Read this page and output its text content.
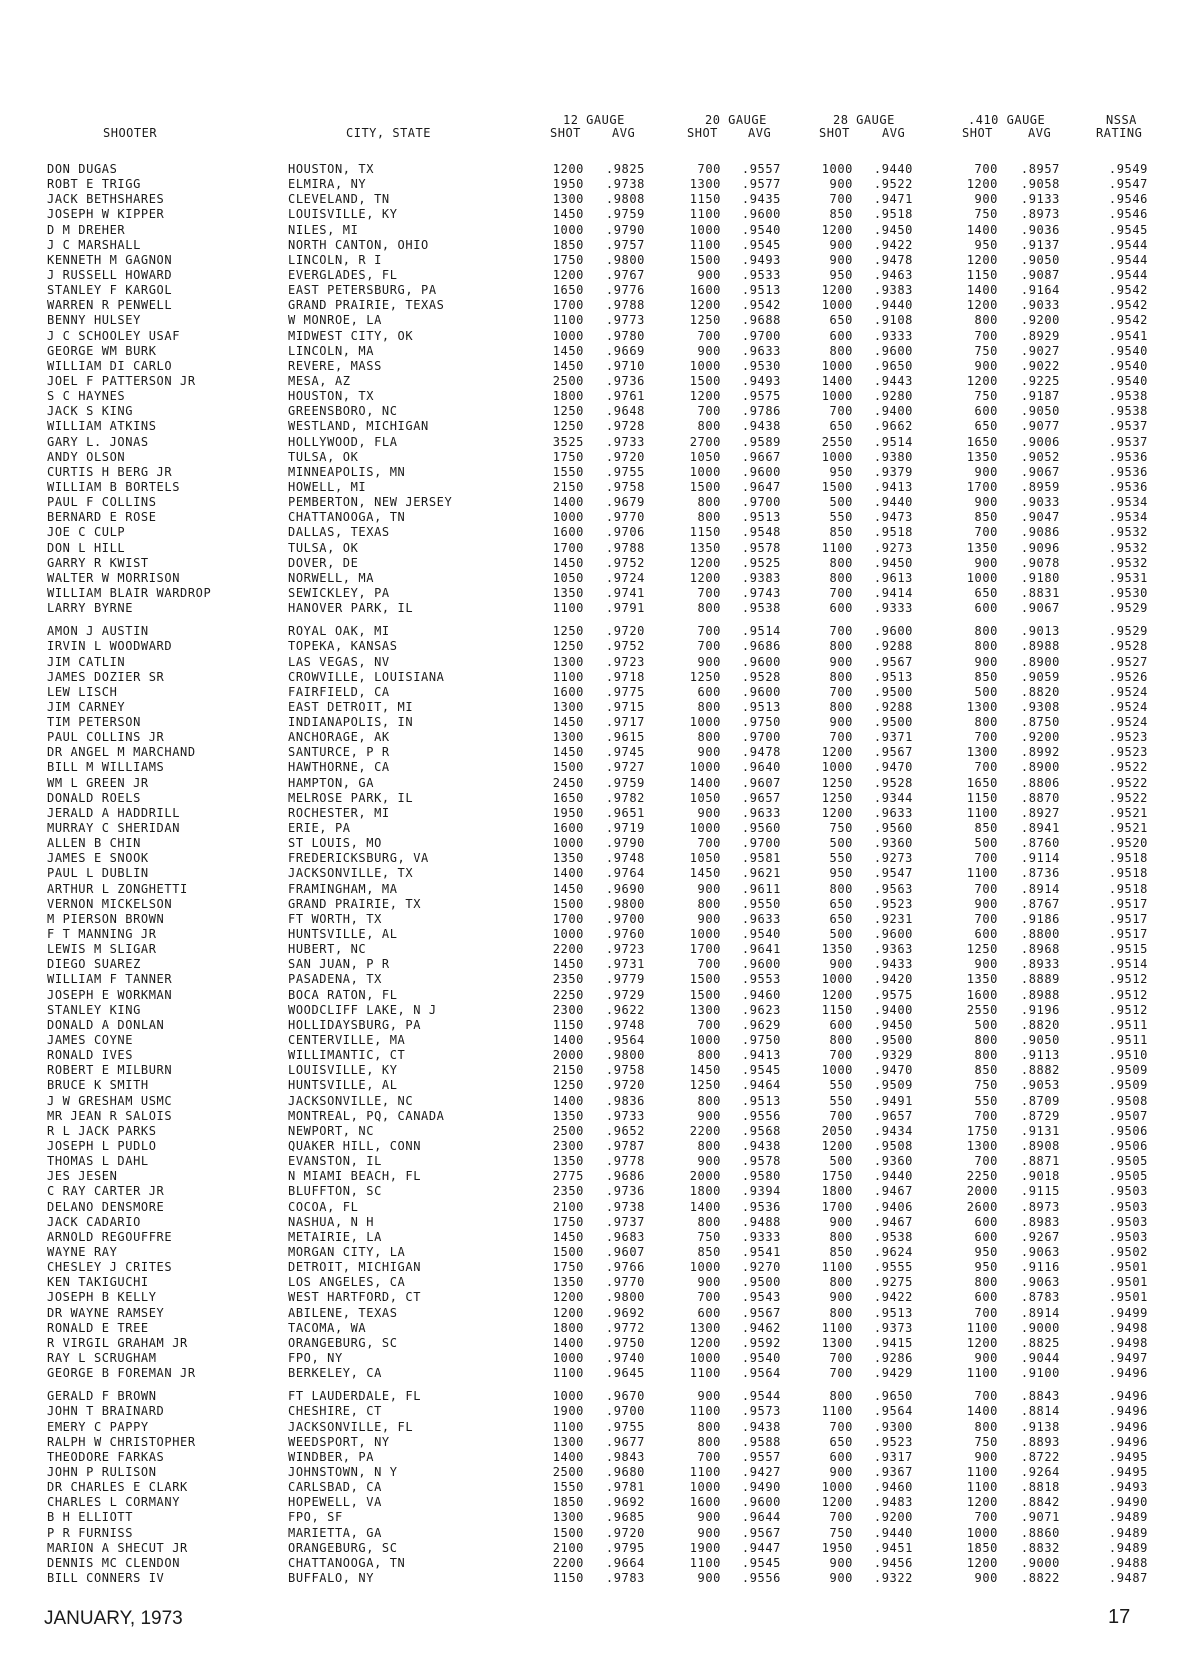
SHOOTER	CITY, STATE
12 GAUGE
SHOT	AVG
20 GAUGE
SHOT	AVG
28 GAUGE
SHOT	AVG
.410 GAUGE
SHOT	AVG
NSSA
RATING
DON DUGAS	HOUSTON, TX	1200	.9825	700	.9557	1000	.9440	700	.8957	.9549
ROBT E TRIGG	ELMIRA, NY	1950	.9738	1300	.9577	900	.9522	1200	.9058	.9547
JACK BETHSHARES	CLEVELAND, TN	1300	.9808	1150	.9435	700	.9471	900	.9133	.9546
JOSEPH W KIPPER	LOUISVILLE, KY	1450	.9759	1100	.9600	850	.9518	750	.8973	.9546
D M DREHER	NILES, MI	1000	.9790	1000	.9540	1200	.9450	1400	.9036	.9545
J C MARSHALL	NORTH CANTON, OHIO	1850	.9757	1100	.9545	900	.9422	950	.9137	.9544
KENNETH M GAGNON	LINCOLN, R I	1750	.9800	1500	.9493	900	.9478	1200	.9050	.9544
J RUSSELL HOWARD	EVERGLADES, FL	1200	.9767	900	.9533	950	.9463	1150	.9087	.9544
STANLEY F KARGOL	EAST PETERSBURG, PA	1650	.9776	1600	.9513	1200	.9383	1400	.9164	.9542
WARREN R PENWELL	GRAND PRAIRIE, TEXAS	1700	.9788	1200	.9542	1000	.9440	1200	.9033	.9542
BENNY HULSEY	W MONROE, LA	1100	.9773	1250	.9688	650	.9108	800	.9200	.9542
J C SCHOOLEY USAF	MIDWEST CITY, OK	1000	.9780	700	.9700	600	.9333	700	.8929	.9541
GEORGE WM BURK	LINCOLN, MA	1450	.9669	900	.9633	800	.9600	750	.9027	.9540
WILLIAM DI CARLO	REVERE, MASS	1450	.9710	1000	.9530	1000	.9650	900	.9022	.9540
JOEL F PATTERSON JR	MESA, AZ	2500	.9736	1500	.9493	1400	.9443	1200	.9225	.9540
S C HAYNES	HOUSTON, TX	1800	.9761	1200	.9575	1000	.9280	750	.9187	.9538
JACK S KING	GREENSBORO, NC	1250	.9648	700	.9786	700	.9400	600	.9050	.9538
WILLIAM ATKINS	WESTLAND, MICHIGAN	1250	.9728	800	.9438	650	.9662	650	.9077	.9537
GARY L. JONAS	HOLLYWOOD, FLA	3525	.9733	2700	.9589	2550	.9514	1650	.9006	.9537
ANDY OLSON	TULSA, OK	1750	.9720	1050	.9667	1000	.9380	1350	.9052	.9536
CURTIS H BERG JR	MINNEAPOLIS, MN	1550	.9755	1000	.9600	950	.9379	900	.9067	.9536
WILLIAM B BORTELS	HOWELL, MI	2150	.9758	1500	.9647	1500	.9413	1700	.8959	.9536
PAUL F COLLINS	PEMBERTON, NEW JERSEY	1400	.9679	800	.9700	500	.9440	900	.9033	.9534
BERNARD E ROSE	CHATTANOOGA, TN	1000	.9770	800	.9513	550	.9473	850	.9047	.9534
JOE C CULP	DALLAS, TEXAS	1600	.9706	1150	.9548	850	.9518	700	.9086	.9532
DON L HILL	TULSA, OK	1700	.9788	1350	.9578	1100	.9273	1350	.9096	.9532
GARRY R KWIST	DOVER, DE	1450	.9752	1200	.9525	800	.9450	900	.9078	.9532
WALTER W MORRISON	NORWELL, MA	1050	.9724	1200	.9383	800	.9613	1000	.9180	.9531
WILLIAM BLAIR WARDROP	SEWICKLEY, PA	1350	.9741	700	.9743	700	.9414	650	.8831	.9530
LARRY BYRNE	HANOVER PARK, IL	1100	.9791	800	.9538	600	.9333	600	.9067	.9529
AMON J AUSTIN	ROYAL OAK, MI	1250	.9720	700	.9514	700	.9600	800	.9013	.9529
IRVIN L WOODWARD	TOPEKA, KANSAS	1250	.9752	700	.9686	800	.9288	800	.8988	.9528
JIM CATLIN	LAS VEGAS, NV	1300	.9723	900	.9600	900	.9567	900	.8900	.9527
JAMES DOZIER SR	CROWVILLE, LOUISIANA	1100	.9718	1250	.9528	800	.9513	850	.9059	.9526
LEW LISCH	FAIRFIELD, CA	1600	.9775	600	.9600	700	.9500	500	.8820	.9524
JIM CARNEY	EAST DETROIT, MI	1300	.9715	800	.9513	800	.9288	1300	.9308	.9524
TIM PETERSON	INDIANAPOLIS, IN	1450	.9717	1000	.9750	900	.9500	800	.8750	.9524
PAUL COLLINS JR	ANCHORAGE, AK	1300	.9615	800	.9700	700	.9371	700	.9200	.9523
DR ANGEL M MARCHAND	SANTURCE, P R	1450	.9745	900	.9478	1200	.9567	1300	.8992	.9523
BILL M WILLIAMS	HAWTHORNE, CA	1500	.9727	1000	.9640	1000	.9470	700	.8900	.9522
WM L GREEN JR	HAMPTON, GA	2450	.9759	1400	.9607	1250	.9528	1650	.8806	.9522
DONALD ROELS	MELROSE PARK, IL	1650	.9782	1050	.9657	1250	.9344	1150	.8870	.9522
JERALD A HADDRILL	ROCHESTER, MI	1950	.9651	900	.9633	1200	.9633	1100	.8927	.9521
MURRAY C SHERIDAN	ERIE, PA	1600	.9719	1000	.9560	750	.9560	850	.8941	.9521
ALLEN B CHIN	ST LOUIS, MO	1000	.9790	700	.9700	500	.9360	500	.8760	.9520
JAMES E SNOOK	FREDERICKSBURG, VA	1350	.9748	1050	.9581	550	.9273	700	.9114	.9518
PAUL L DUBLIN	JACKSONVILLE, TX	1400	.9764	1450	.9621	950	.9547	1100	.8736	.9518
ARTHUR L ZONGHETTI	FRAMINGHAM, MA	1450	.9690	900	.9611	800	.9563	700	.8914	.9518
VERNON MICKELSON	GRAND PRAIRIE, TX	1500	.9800	800	.9550	650	.9523	900	.8767	.9517
M PIERSON BROWN	FT WORTH, TX	1700	.9700	900	.9633	650	.9231	700	.9186	.9517
F T MANNING JR	HUNTSVILLE, AL	1000	.9760	1000	.9540	500	.9600	600	.8800	.9517
LEWIS M SLIGAR	HUBERT, NC	2200	.9723	1700	.9641	1350	.9363	1250	.8968	.9515
DIEGO SUAREZ	SAN JUAN, P R	1450	.9731	700	.9600	900	.9433	900	.8933	.9514
WILLIAM F TANNER	PASADENA, TX	2350	.9779	1500	.9553	1000	.9420	1350	.8889	.9512
JOSEPH E WORKMAN	BOCA RATON, FL	2250	.9729	1500	.9460	1200	.9575	1600	.8988	.9512
STANLEY KING	WOODCLIFF LAKE, N J	2300	.9622	1300	.9623	1150	.9400	2550	.9196	.9512
DONALD A DONLAN	HOLLIDAYSBURG, PA	1150	.9748	700	.9629	600	.9450	500	.8820	.9511
JAMES COYNE	CENTERVILLE, MA	1400	.9564	1000	.9750	800	.9500	800	.9050	.9511
RONALD IVES	WILLIMANTIC, CT	2000	.9800	800	.9413	700	.9329	800	.9113	.9510
ROBERT E MILBURN	LOUISVILLE, KY	2150	.9758	1450	.9545	1000	.9470	850	.8882	.9509
BRUCE K SMITH	HUNTSVILLE, AL	1250	.9720	1250	.9464	550	.9509	750	.9053	.9509
J W GRESHAM USMC	JACKSONVILLE, NC	1400	.9836	800	.9513	550	.9491	550	.8709	.9508
MR JEAN R SALOIS	MONTREAL, PQ, CANADA	1350	.9733	900	.9556	700	.9657	700	.8729	.9507
R L JACK PARKS	NEWPORT, NC	2500	.9652	2200	.9568	2050	.9434	1750	.9131	.9506
JOSEPH L PUDLO	QUAKER HILL, CONN	2300	.9787	800	.9438	1200	.9508	1300	.8908	.9506
THOMAS L DAHL	EVANSTON, IL	1350	.9778	900	.9578	500	.9360	700	.8871	.9505
JES JESEN	N MIAMI BEACH, FL	2775	.9686	2000	.9580	1750	.9440	2250	.9018	.9505
C RAY CARTER JR	BLUFFTON, SC	2350	.9736	1800	.9394	1800	.9467	2000	.9115	.9503
DELANO DENSMORE	COCOA, FL	2100	.9738	1400	.9536	1700	.9406	2600	.8973	.9503
JACK CADARIO	NASHUA, N H	1750	.9737	800	.9488	900	.9467	600	.8983	.9503
ARNOLD REGOUFFRE	METAIRIE, LA	1450	.9683	750	.9333	800	.9538	600	.9267	.9503
WAYNE RAY	MORGAN CITY, LA	1500	.9607	850	.9541	850	.9624	950	.9063	.9502
CHESLEY J CRITES	DETROIT, MICHIGAN	1750	.9766	1000	.9270	1100	.9555	950	.9116	.9501
KEN TAKIGUCHI	LOS ANGELES, CA	1350	.9770	900	.9500	800	.9275	800	.9063	.9501
JOSEPH B KELLY	WEST HARTFORD, CT	1200	.9800	700	.9543	900	.9422	600	.8783	.9501
DR WAYNE RAMSEY	ABILENE, TEXAS	1200	.9692	600	.9567	800	.9513	700	.8914	.9499
RONALD E TREE	TACOMA, WA	1800	.9772	1300	.9462	1100	.9373	1100	.9000	.9498
R VIRGIL GRAHAM JR	ORANGEBURG, SC	1400	.9750	1200	.9592	1300	.9415	1200	.8825	.9498
RAY L SCRUGHAM	FPO, NY	1000	.9740	1000	.9540	700	.9286	900	.9044	.9497
GEORGE B FOREMAN JR	BERKELEY, CA	1100	.9645	1100	.9564	700	.9429	1100	.9100	.9496
GERALD F BROWN	FT LAUDERDALE, FL	1000	.9670	900	.9544	800	.9650	700	.8843	.9496
JOHN T BRAINARD	CHESHIRE, CT	1900	.9700	1100	.9573	1100	.9564	1400	.8814	.9496
EMERY C PAPPY	JACKSONVILLE, FL	1100	.9755	800	.9438	700	.9300	800	.9138	.9496
RALPH W CHRISTOPHER	WEEDSPORT, NY	1300	.9677	800	.9588	650	.9523	750	.8893	.9496
THEODORE FARKAS	WINDBER, PA	1400	.9843	700	.9557	600	.9317	900	.8722	.9495
JOHN P RULISON	JOHNSTOWN, N Y	2500	.9680	1100	.9427	900	.9367	1100	.9264	.9495
DR CHARLES E CLARK	CARLSBAD, CA	1550	.9781	1000	.9490	1000	.9460	1100	.8818	.9493
CHARLES L CORMANY	HOPEWELL, VA	1850	.9692	1600	.9600	1200	.9483	1200	.8842	.9490
B H ELLIOTT	FPO, SF	1300	.9685	900	.9644	700	.9200	700	.9071	.9489
P R FURNISS	MARIETTA, GA	1500	.9720	900	.9567	750	.9440	1000	.8860	.9489
MARION A SHECUT JR	ORANGEBURG, SC	2100	.9795	1900	.9447	1950	.9451	1850	.8832	.9489
DENNIS MC CLENDON	CHATTANOOGA, TN	2200	.9664	1100	.9545	900	.9456	1200	.9000	.9488
BILL CONNERS IV	BUFFALO, NY	1150	.9783	900	.9556	900	.9322	900	.8822	.9487
JANUARY, 1973	17
